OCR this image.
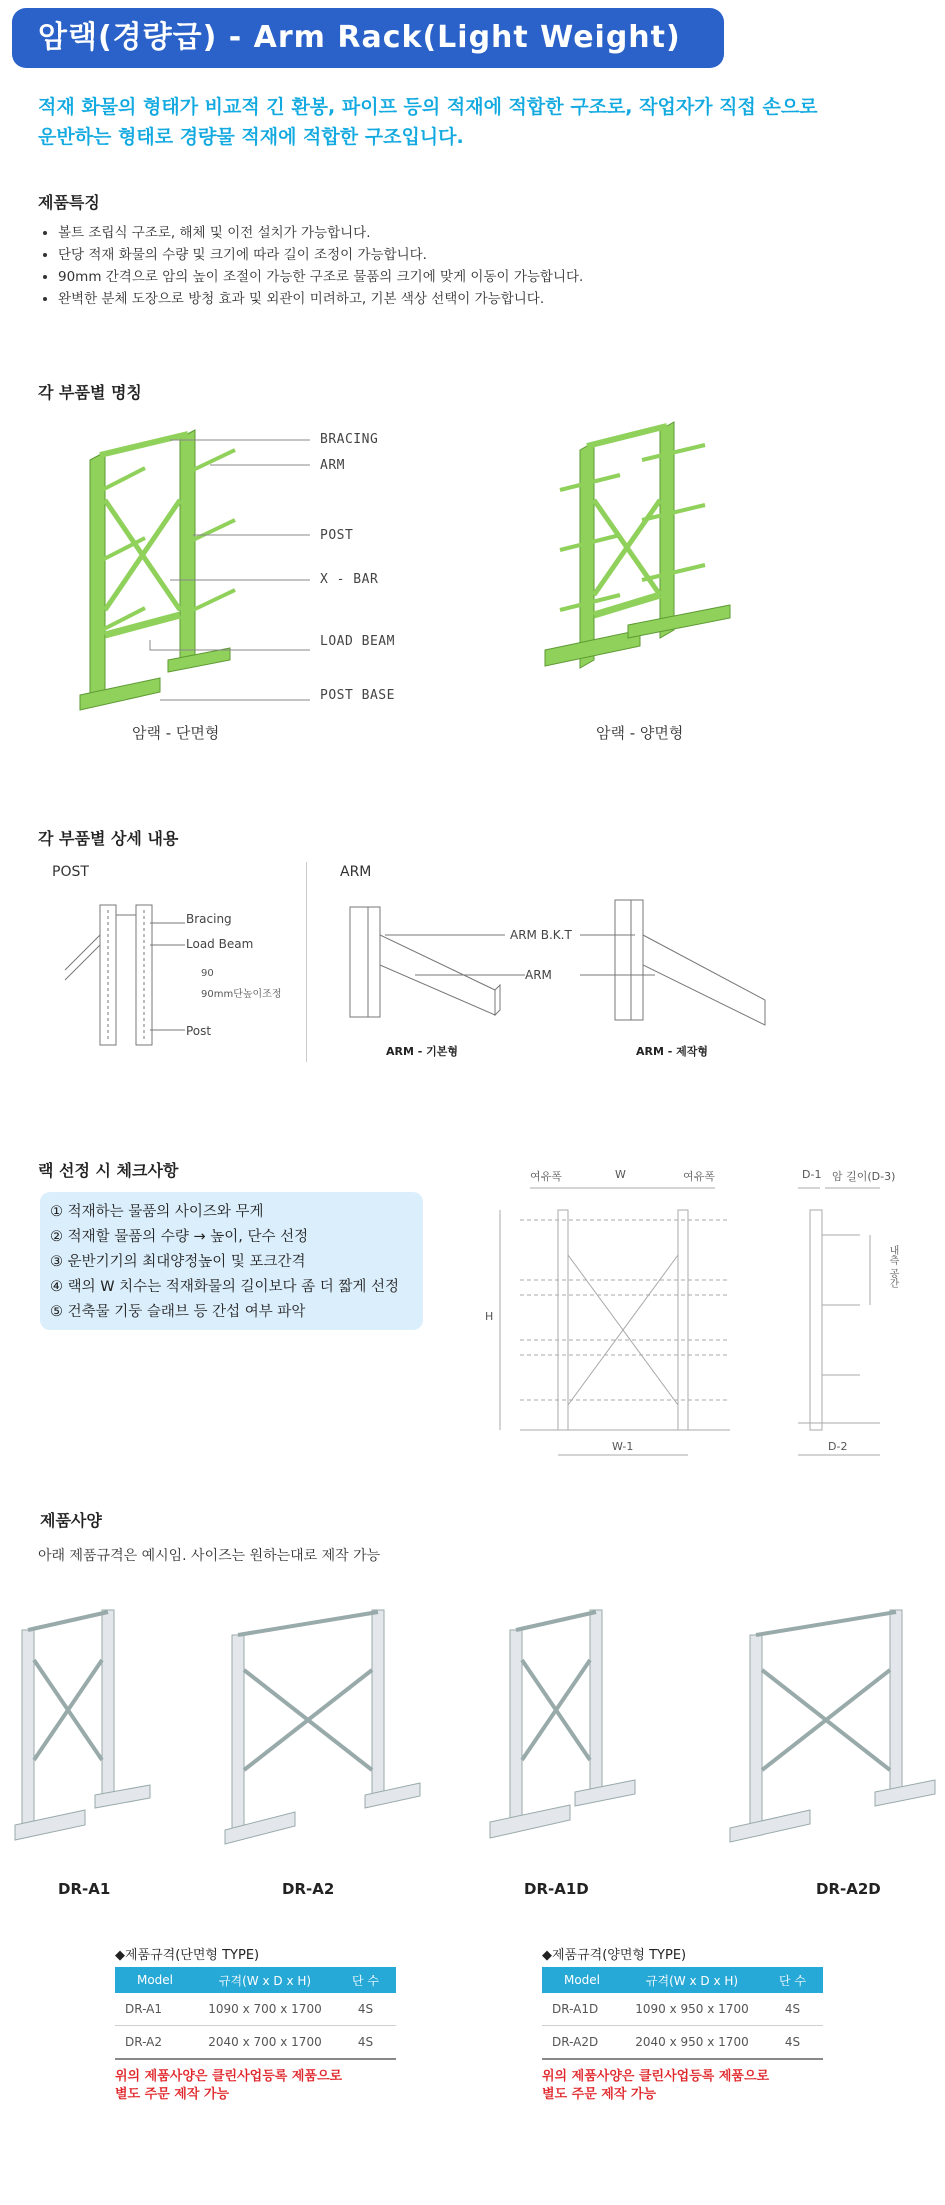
암랙(경량급) - Arm Rack(Light Weight)
적재 화물의 형태가 비교적 긴 환봉, 파이프 등의 적재에 적합한 구조로, 작업자가 직접 손으로
운반하는 형태로 경량물 적재에 적합한 구조입니다.
제품특징
• 볼트 조립식 구조로, 해체 및 이전 설치가 가능합니다.
• 단당 적재 화물의 수량 및 크기에 따라 길이 조정이 가능합니다.
• 90mm 간격으로 암의 높이 조절이 가능한 구조로 물품의 크기에 맞게 이동이 가능합니다.
• 완벽한 분체 도장으로 방청 효과 및 외관이 미려하고, 기본 색상 선택이 가능합니다.
각 부품별 명칭
BRACING
ARM
POST
X - BAR
LOAD BEAM
POST BASE
암랙 - 단면형	암랙 - 양면형
각 부품별 상세 내용
POST	ARM
Bracing
Load Beam
90
90mm단높이조정
Post
ARM B.K.T
ARM
ARM - 기본형	ARM - 제작형
랙 선정 시 체크사항
① 적재하는 물품의 사이즈와 무게
② 적재할 물품의 수량 → 높이, 단수 선정
③ 운반기기의 최대양정높이 및 포크간격
④ 랙의 W 치수는 적재화물의 길이보다 좀 더 짧게 선정
⑤ 건축물 기둥 슬래브 등 간섭 여부 파악
여유폭	W	여유폭
H
W-1
D-1 암 길이(D-3)
내측 공간
D-2
제품사양
아래 제품규격은 예시임. 사이즈는 원하는대로 제작 가능
DR-A1	DR-A2	DR-A1D	DR-A2D
◆제품규격(단면형 TYPE)
Model	규격(W x D x H)	단 수
DR-A1	1090 x 700 x 1700	4S
DR-A2	2040 x 700 x 1700	4S
위의 제품사양은 클린사업등록 제품으로
별도 주문 제작 가능
◆제품규격(양면형 TYPE)
Model	규격(W x D x H)	단 수
DR-A1D	1090 x 950 x 1700	4S
DR-A2D	2040 x 950 x 1700	4S
위의 제품사양은 클린사업등록 제품으로
별도 주문 제작 가능
